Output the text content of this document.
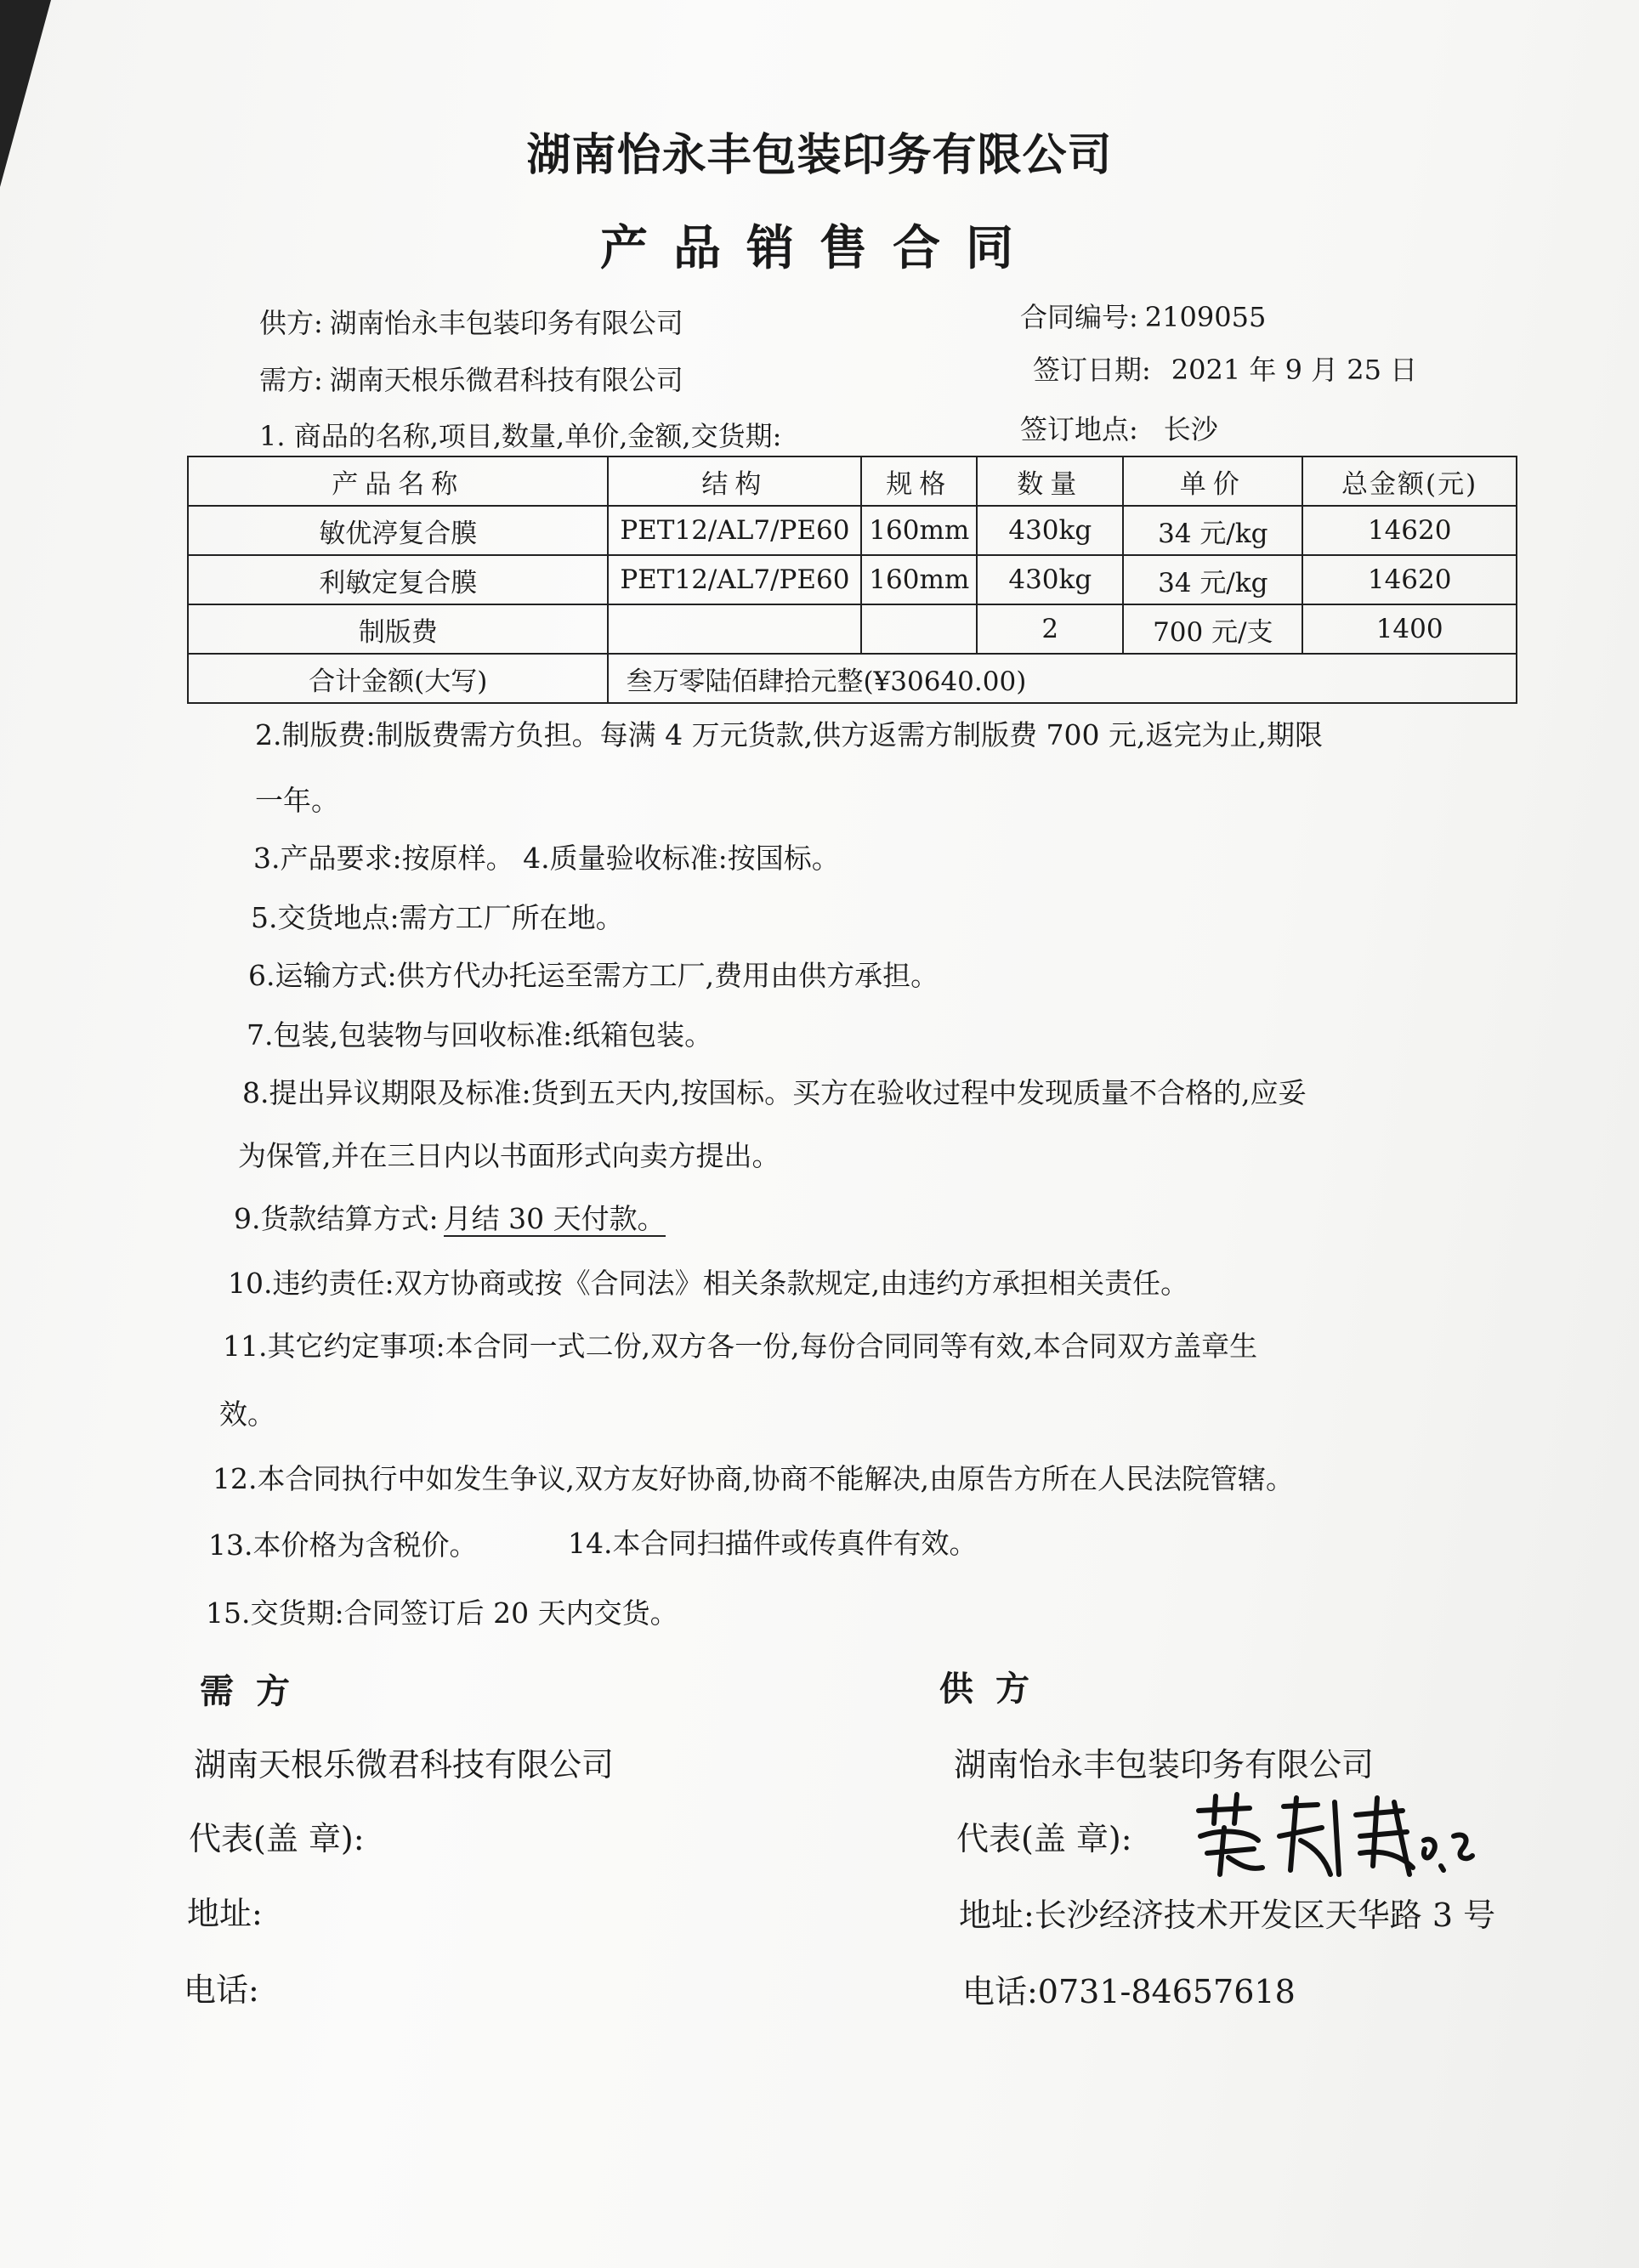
湖南怡永丰包装印务有限公司
产品销售合同
供方: 湖南怡永丰包装印务有限公司	合同编号: 2109055
需方: 湖南天根乐微君科技有限公司	签订日期: 2021 年 9 月 25 日
1. 商品的名称,项目,数量,单价,金额,交货期:	签订地点: 长沙
产品名称	结构	规格	数量	单价	总金额(元)
敏优渟复合膜	PET12/AL7/PE60	160mm	430kg	34 元/kg	14620
利敏定复合膜	PET12/AL7/PE60	160mm	430kg	34 元/kg	14620
制版费			2	700 元/支	1400
合计金额(大写)	叁万零陆佰肆拾元整(¥30640.00)				
2.制版费:制版费需方负担。每满 4 万元货款,供方返需方制版费 700 元,返完为止,期限
一年。
3.产品要求:按原样。 4.质量验收标准:按国标。
5.交货地点:需方工厂所在地。
6.运输方式:供方代办托运至需方工厂,费用由供方承担。
7.包装,包装物与回收标准:纸箱包装。
8.提出异议期限及标准:货到五天内,按国标。买方在验收过程中发现质量不合格的,应妥
为保管,并在三日内以书面形式向卖方提出。
9.货款结算方式: 月结 30 天付款。
10.违约责任:双方协商或按《合同法》相关条款规定,由违约方承担相关责任。
11.其它约定事项:本合同一式二份,双方各一份,每份合同同等有效,本合同双方盖章生
效。
12.本合同执行中如发生争议,双方友好协商,协商不能解决,由原告方所在人民法院管辖。
13.本价格为含税价。	14.本合同扫描件或传真件有效。
15.交货期:合同签订后 20 天内交货。
需方
湖南天根乐微君科技有限公司
代表(盖 章):
地址:
电话:
供方
湖南怡永丰包装印务有限公司
代表(盖 章):
地址:长沙经济技术开发区天华路 3 号
电话:0731-84657618
